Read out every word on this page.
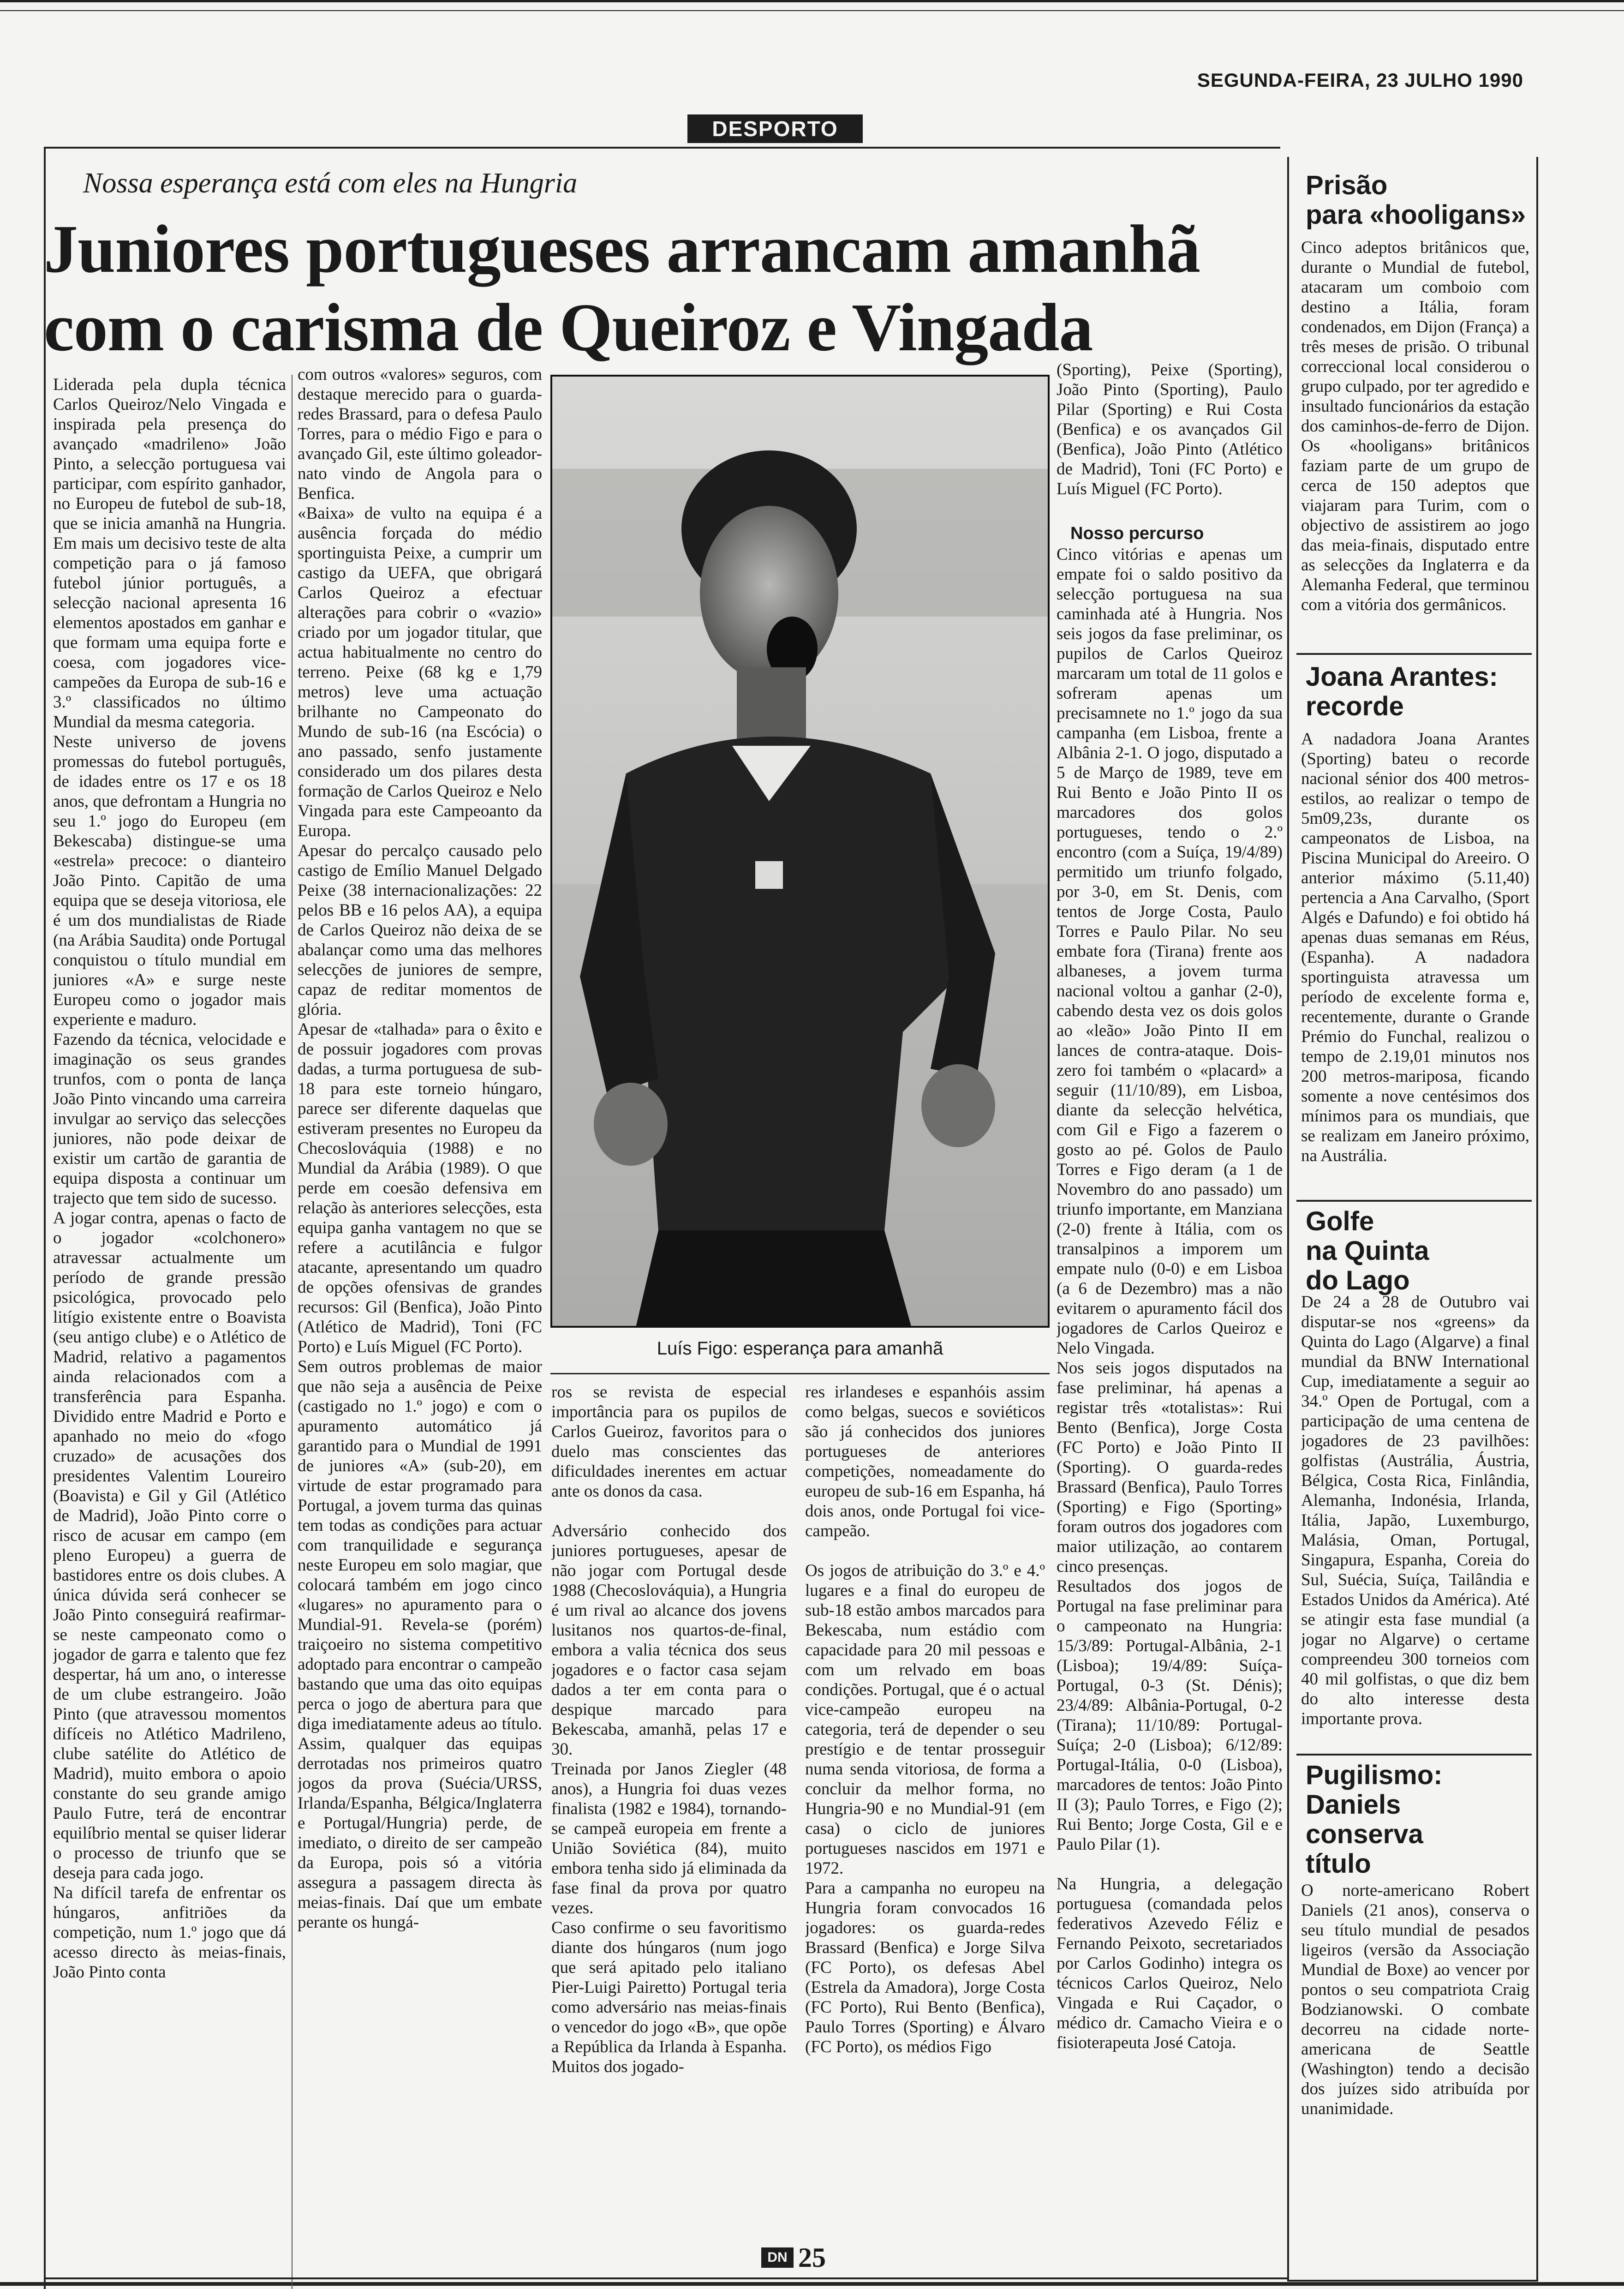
SEGUNDA-FEIRA, 23 JULHO 1990
DESPORTO
Nossa esperança está com eles na Hungria
Juniores portugueses arrancam amanhã
com o carisma de Queiroz e Vingada
Liderada pela dupla técnica Carlos Queiroz/Nelo Vingada e inspirada pela presença do avançado «madrileno» João Pinto, a selecção portuguesa vai participar, com espírito ganhador, no Europeu de futebol de sub-18, que se inicia amanhã na Hungria. Em mais um decisivo teste de alta competição para o já famoso futebol júnior português, a selecção nacional apresenta 16 elementos apostados em ganhar e que formam uma equipa forte e coesa, com jogadores vice-campeões da Europa de sub-16 e 3.º classificados no último Mundial da mesma categoria.
Neste universo de jovens promessas do futebol português, de idades entre os 17 e os 18 anos, que defrontam a Hungria no seu 1.º jogo do Europeu (em Bekescaba) distingue-se uma «estrela» precoce: o dianteiro João Pinto. Capitão de uma equipa que se deseja vitoriosa, ele é um dos mundialistas de Riade (na Arábia Saudita) onde Portugal conquistou o título mundial em juniores «A» e surge neste Europeu como o jogador mais experiente e maduro.
Fazendo da técnica, velocidade e imaginação os seus grandes trunfos, com o ponta de lança João Pinto vincando uma carreira invulgar ao serviço das selecções juniores, não pode deixar de existir um cartão de garantia de equipa disposta a continuar um trajecto que tem sido de sucesso.
A jogar contra, apenas o facto de o jogador «colchonero» atravessar actualmente um período de grande pressão psicológica, provocado pelo litígio existente entre o Boavista (seu antigo clube) e o Atlético de Madrid, relativo a pagamentos ainda relacionados com a transferência para Espanha. Dividido entre Madrid e Porto e apanhado no meio do «fogo cruzado» de acusações dos presidentes Valentim Loureiro (Boavista) e Gil y Gil (Atlético de Madrid), João Pinto corre o risco de acusar em campo (em pleno Europeu) a guerra de bastidores entre os dois clubes. A única dúvida será conhecer se João Pinto conseguirá reafirmar-se neste campeonato como o jogador de garra e talento que fez despertar, há um ano, o interesse de um clube estrangeiro. João Pinto (que atravessou momentos difíceis no Atlético Madrileno, clube satélite do Atlético de Madrid), muito embora o apoio constante do seu grande amigo Paulo Futre, terá de encontrar equilíbrio mental se quiser liderar o processo de triunfo que se deseja para cada jogo.
Na difícil tarefa de enfrentar os húngaros, anfitriões da competição, num 1.º jogo que dá acesso directo às meias-finais, João Pinto conta
com outros «valores» seguros, com destaque merecido para o guarda-redes Brassard, para o defesa Paulo Torres, para o médio Figo e para o avançado Gil, este último goleador-nato vindo de Angola para o Benfica.
«Baixa» de vulto na equipa é a ausência forçada do médio sportinguista Peixe, a cumprir um castigo da UEFA, que obrigará Carlos Queiroz a efectuar alterações para cobrir o «vazio» criado por um jogador titular, que actua habitualmente no centro do terreno. Peixe (68 kg e 1,79 metros) leve uma actuação brilhante no Campeonato do Mundo de sub-16 (na Escócia) o ano passado, senfo justamente considerado um dos pilares desta formação de Carlos Queiroz e Nelo Vingada para este Campeoanto da Europa.
Apesar do percalço causado pelo castigo de Emílio Manuel Delgado Peixe (38 internacionalizações: 22 pelos BB e 16 pelos AA), a equipa de Carlos Queiroz não deixa de se abalançar como uma das melhores selecções de juniores de sempre, capaz de reditar momentos de glória.
Apesar de «talhada» para o êxito e de possuir jogadores com provas dadas, a turma portuguesa de sub-18 para este torneio húngaro, parece ser diferente daquelas que estiveram presentes no Europeu da Checoslováquia (1988) e no Mundial da Arábia (1989). O que perde em coesão defensiva em relação às anteriores selecções, esta equipa ganha vantagem no que se refere a acutilância e fulgor atacante, apresentando um quadro de opções ofensivas de grandes recursos: Gil (Benfica), João Pinto (Atlético de Madrid), Toni (FC Porto) e Luís Miguel (FC Porto).
Sem outros problemas de maior que não seja a ausência de Peixe (castigado no 1.º jogo) e com o apuramento automático já garantido para o Mundial de 1991 de juniores «A» (sub-20), em virtude de estar programado para Portugal, a jovem turma das quinas tem todas as condições para actuar com tranquilidade e segurança neste Europeu em solo magiar, que colocará também em jogo cinco «lugares» no apuramento para o Mundial-91. Revela-se (porém) traiçoeiro no sistema competitivo adoptado para encontrar o campeão bastando que uma das oito equipas perca o jogo de abertura para que diga imediatamente adeus ao título. Assim, qualquer das equipas derrotadas nos primeiros quatro jogos da prova (Suécia/URSS, Irlanda/Espanha, Bélgica/Inglaterra e Portugal/Hungria) perde, de imediato, o direito de ser campeão da Europa, pois só a vitória assegura a passagem directa às meias-finais. Daí que um embate perante os hungá-
Luís Figo: esperança para amanhã
ros se revista de especial importância para os pupilos de Carlos Gueiroz, favoritos para o duelo mas conscientes das dificuldades inerentes em actuar ante os donos da casa.

Adversário conhecido dos juniores portugueses, apesar de não jogar com Portugal desde 1988 (Checoslováquia), a Hungria é um rival ao alcance dos jovens lusitanos nos quartos-de-final, embora a valia técnica dos seus jogadores e o factor casa sejam dados a ter em conta para o despique marcado para Bekescaba, amanhã, pelas 17 e 30.
Treinada por Janos Ziegler (48 anos), a Hungria foi duas vezes finalista (1982 e 1984), tornando-se campeã europeia em frente a União Soviética (84), muito embora tenha sido já eliminada da fase final da prova por quatro vezes.
Caso confirme o seu favoritismo diante dos húngaros (num jogo que será apitado pelo italiano Pier-Luigi Pairetto) Portugal teria como adversário nas meias-finais o vencedor do jogo «B», que opõe a República da Irlanda à Espanha. Muitos dos jogado-
res irlandeses e espanhóis assim como belgas, suecos e soviéticos são já conhecidos dos juniores portugueses de anteriores competições, nomeadamente do europeu de sub-16 em Espanha, há dois anos, onde Portugal foi vice-campeão.

Os jogos de atribuição do 3.º e 4.º lugares e a final do europeu de sub-18 estão ambos marcados para Bekescaba, num estádio com capacidade para 20 mil pessoas e com um relvado em boas condições. Portugal, que é o actual vice-campeão europeu na categoria, terá de depender o seu prestígio e de tentar prosseguir numa senda vitoriosa, de forma a concluir da melhor forma, no Hungria-90 e no Mundial-91 (em casa) o ciclo de juniores portugueses nascidos em 1971 e 1972.
Para a campanha no europeu na Hungria foram convocados 16 jogadores: os guarda-redes Brassard (Benfica) e Jorge Silva (FC Porto), os defesas Abel (Estrela da Amadora), Jorge Costa (FC Porto), Rui Bento (Benfica), Paulo Torres (Sporting) e Álvaro (FC Porto), os médios Figo
(Sporting), Peixe (Sporting), João Pinto (Sporting), Paulo Pilar (Sporting) e Rui Costa (Benfica) e os avançados Gil (Benfica), João Pinto (Atlético de Madrid), Toni (FC Porto) e Luís Miguel (FC Porto).
Nosso percurso
Cinco vitórias e apenas um empate foi o saldo positivo da selecção portuguesa na sua caminhada até à Hungria. Nos seis jogos da fase preliminar, os pupilos de Carlos Queiroz marcaram um total de 11 golos e sofreram apenas um precisamnete no 1.º jogo da sua campanha (em Lisboa, frente a Albânia 2-1. O jogo, disputado a 5 de Março de 1989, teve em Rui Bento e João Pinto II os marcadores dos golos portugueses, tendo o 2.º encontro (com a Suíça, 19/4/89) permitido um triunfo folgado, por 3-0, em St. Denis, com tentos de Jorge Costa, Paulo Torres e Paulo Pilar. No seu embate fora (Tirana) frente aos albaneses, a jovem turma nacional voltou a ganhar (2-0), cabendo desta vez os dois golos ao «leão» João Pinto II em lances de contra-ataque. Dois-zero foi também o «placard» a seguir (11/10/89), em Lisboa, diante da selecção helvética, com Gil e Figo a fazerem o gosto ao pé. Golos de Paulo Torres e Figo deram (a 1 de Novembro do ano passado) um triunfo importante, em Manziana (2-0) frente à Itália, com os transalpinos a imporem um empate nulo (0-0) e em Lisboa (a 6 de Dezembro) mas a não evitarem o apuramento fácil dos jogadores de Carlos Queiroz e Nelo Vingada.
Nos seis jogos disputados na fase preliminar, há apenas a registar três «totalistas»: Rui Bento (Benfica), Jorge Costa (FC Porto) e João Pinto II (Sporting). O guarda-redes Brassard (Benfica), Paulo Torres (Sporting) e Figo (Sporting» foram outros dos jogadores com maior utilização, ao contarem cinco presenças.
Resultados dos jogos de Portugal na fase preliminar para o campeonato na Hungria: 15/3/89: Portugal-Albânia, 2-1 (Lisboa); 19/4/89: Suíça-Portugal, 0-3 (St. Dénis); 23/4/89: Albânia-Portugal, 0-2 (Tirana); 11/10/89: Portugal-Suíça; 2-0 (Lisboa); 6/12/89: Portugal-Itália, 0-0 (Lisboa), marcadores de tentos: João Pinto II (3); Paulo Torres, e Figo (2); Rui Bento; Jorge Costa, Gil e e Paulo Pilar (1).

Na Hungria, a delegação portuguesa (comandada pelos federativos Azevedo Féliz e Fernando Peixoto, secretariados por Carlos Godinho) integra os técnicos Carlos Queiroz, Nelo Vingada e Rui Caçador, o médico dr. Camacho Vieira e o fisioterapeuta José Catoja.
Prisão
para «hooligans»
Cinco adeptos britânicos que, durante o Mundial de futebol, atacaram um comboio com destino a Itália, foram condenados, em Dijon (França) a três meses de prisão. O tribunal correccional local considerou o grupo culpado, por ter agredido e insultado funcionários da estação dos caminhos-de-ferro de Dijon. Os «hooligans» britânicos faziam parte de um grupo de cerca de 150 adeptos que viajaram para Turim, com o objectivo de assistirem ao jogo das meia-finais, disputado entre as selecções da Inglaterra e da Alemanha Federal, que terminou com a vitória dos germânicos.
Joana Arantes:
recorde
A nadadora Joana Arantes (Sporting) bateu o recorde nacional sénior dos 400 metros-estilos, ao realizar o tempo de 5m09,23s, durante os campeonatos de Lisboa, na Piscina Municipal do Areeiro. O anterior máximo (5.11,40) pertencia a Ana Carvalho, (Sport Algés e Dafundo) e foi obtido há apenas duas semanas em Réus, (Espanha). A nadadora sportinguista atravessa um período de excelente forma e, recentemente, durante o Grande Prémio do Funchal, realizou o tempo de 2.19,01 minutos nos 200 metros-mariposa, ficando somente a nove centésimos dos mínimos para os mundiais, que se realizam em Janeiro próximo, na Austrália.
Golfe
na Quinta
do Lago
De 24 a 28 de Outubro vai disputar-se nos «greens» da Quinta do Lago (Algarve) a final mundial da BNW International Cup, imediatamente a seguir ao 34.º Open de Portugal, com a participação de uma centena de jogadores de 23 pavilhões: golfistas (Austrália, Áustria, Bélgica, Costa Rica, Finlândia, Alemanha, Indonésia, Irlanda, Itália, Japão, Luxemburgo, Malásia, Oman, Portugal, Singapura, Espanha, Coreia do Sul, Suécia, Suíça, Tailândia e Estados Unidos da América). Até se atingir esta fase mundial (a jogar no Algarve) o certame compreendeu 300 torneios com 40 mil golfistas, o que diz bem do alto interesse desta importante prova.
Pugilismo:
Daniels
conserva
título
O norte-americano Robert Daniels (21 anos), conserva o seu título mundial de pesados ligeiros (versão da Associação Mundial de Boxe) ao vencer por pontos o seu compatriota Craig Bodzianowski. O combate decorreu na cidade norte-americana de Seattle (Washington) tendo a decisão dos juízes sido atribuída por unanimidade.
DN 25
